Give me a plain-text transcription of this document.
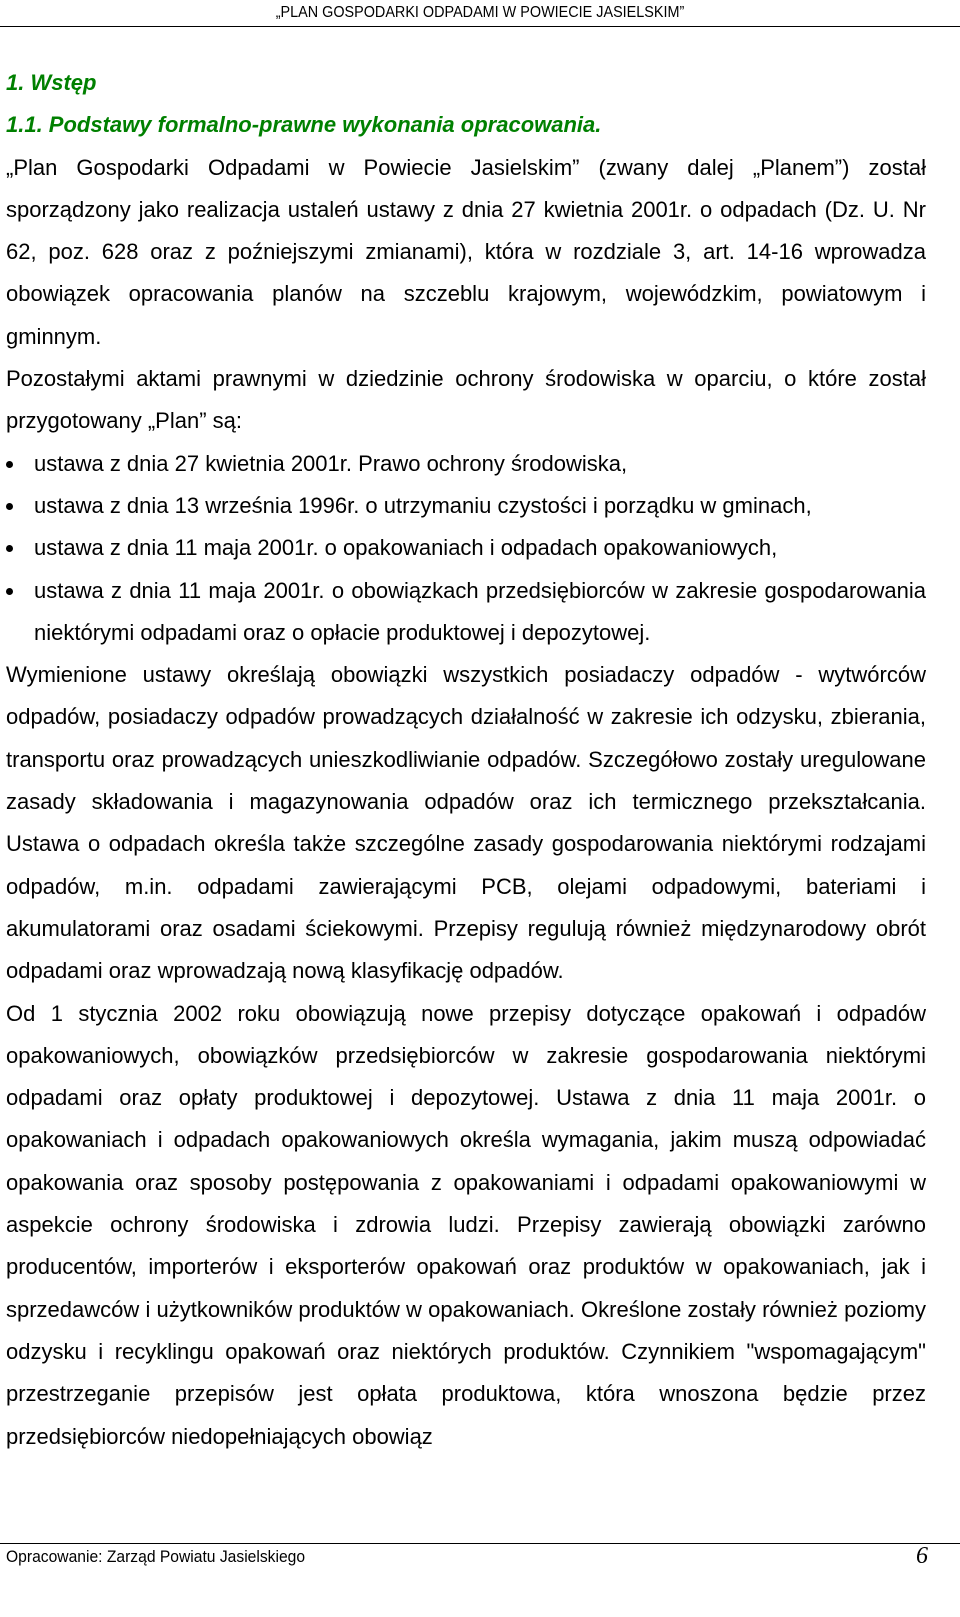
„PLAN GOSPODARKI ODPADAMI W POWIECIE JASIELSKIM”
1. Wstęp
1.1. Podstawy formalno-prawne wykonania opracowania.

„Plan Gospodarki Odpadami w Powiecie Jasielskim” (zwany dalej „Planem”) został sporządzony jako realizacja ustaleń ustawy z dnia 27 kwietnia 2001r. o odpadach (Dz. U. Nr 62, poz. 628 oraz z poźniejszymi zmianami), która w rozdziale 3, art. 14-16 wprowadza obowiązek opracowania planów na szczeblu krajowym, wojewódzkim, powiatowym i gminnym.

Pozostałymi aktami prawnymi w dziedzinie ochrony środowiska w oparciu, o które został przygotowany „Plan” są:

ustawa z dnia 27 kwietnia 2001r. Prawo ochrony środowiska,
ustawa z dnia 13 września 1996r. o utrzymaniu czystości i porządku w gminach,
ustawa z dnia 11 maja 2001r. o opakowaniach i odpadach opakowaniowych,
ustawa z dnia 11 maja 2001r. o obowiązkach przedsiębiorców w zakresie gospodarowania niektórymi odpadami oraz o opłacie produktowej i depozytowej.

Wymienione ustawy określają obowiązki wszystkich posiadaczy odpadów - wytwórców odpadów, posiadaczy odpadów prowadzących działalność w zakresie ich odzysku, zbierania, transportu oraz prowadzących unieszkodliwianie odpadów. Szczegółowo zostały uregulowane zasady składowania i magazynowania odpadów oraz ich termicznego przekształcania. Ustawa o odpadach określa także szczególne zasady gospodarowania niektórymi rodzajami odpadów, m.in. odpadami zawierającymi PCB, olejami odpadowymi, bateriami i akumulatorami oraz osadami ściekowymi. Przepisy regulują również międzynarodowy obrót odpadami oraz wprowadzają nową klasyfikację odpadów.

Od 1 stycznia 2002 roku obowiązują nowe przepisy dotyczące opakowań i odpadów opakowaniowych, obowiązków przedsiębiorców w zakresie gospodarowania niektórymi odpadami oraz opłaty produktowej i depozytowej. Ustawa z dnia 11 maja 2001r. o opakowaniach i odpadach opakowaniowych określa wymagania, jakim muszą odpowiadać opakowania oraz sposoby postępowania z opakowaniami i odpadami opakowaniowymi w aspekcie ochrony środowiska i zdrowia ludzi. Przepisy zawierają obowiązki zarówno producentów, importerów i eksporterów opakowań oraz produktów w opakowaniach, jak i sprzedawców i użytkowników produktów w opakowaniach. Określone zostały również poziomy odzysku i recyklingu opakowań oraz niektórych produktów. Czynnikiem "wspomagającym" przestrzeganie przepisów jest opłata produktowa, która wnoszona będzie przez przedsiębiorców niedopełniających obowiąz

Opracowanie: Zarząd Powiatu Jasielskiego	6
